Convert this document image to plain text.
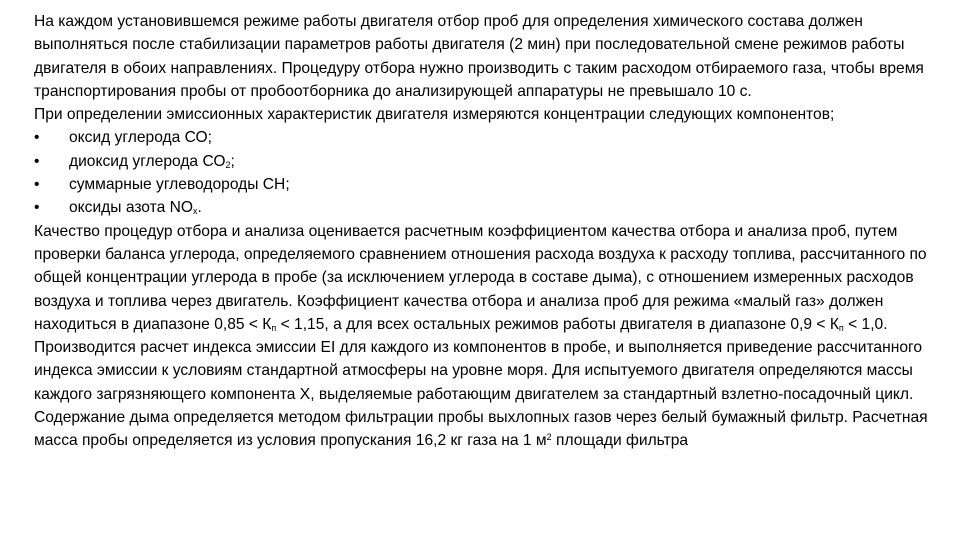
На каждом установившемся режиме работы двигателя отбор проб для определения химического состава должен выполняться после стабилизации параметров работы двигателя (2 мин) при последовательной смене режимов работы двигателя в обоих направлениях. Процедуру отбора нужно производить с таким расходом отбираемого газа, чтобы время транспортирования пробы от пробоотборника до анализирующей аппаратуры не превышало 10 с.

При определении эмиссионных характеристик двигателя измеряются концентрации следующих компонентов;

•	оксид углерода СО;
•	диоксид углерода $СО_2$;
•	суммарные углеводороды СН;
•	оксиды азота $NО_х$.

Качество процедур отбора и анализа оценивается расчетным коэффициентом качества отбора и анализа проб, путем проверки баланса углерода, определяемого сравнением отношения расхода воздуха к расходу топлива, рассчитанного по общей концентрации углерода в пробе (за исключением углерода в составе дыма), с отношением измеренных расходов воздуха и топлива через двигатель. Коэффициент качества отбора и анализа проб для режима «малый газ» должен находиться в диапазоне $0,85 < К_п < 1,15$, а для всех остальных режимов работы двигателя в диапазоне $0,9 < К_п < 1,0$.

Производится расчет индекса эмиссии EI для каждого из компонентов в пробе, и выполняется приведение рассчитанного индекса эмиссии к условиям стандартной атмосферы на уровне моря. Для испытуемого двигателя определяются массы каждого загрязняющего компонента Х, выделяемые работающим двигателем за стандартный взлетно-посадочный цикл. Содержание дыма определяется методом фильтрации пробы выхлопных газов через белый бумажный фильтр. Расчетная масса пробы определяется из условия пропускания 16,2 кг газа на 1 $м^2$ площади фильтра
